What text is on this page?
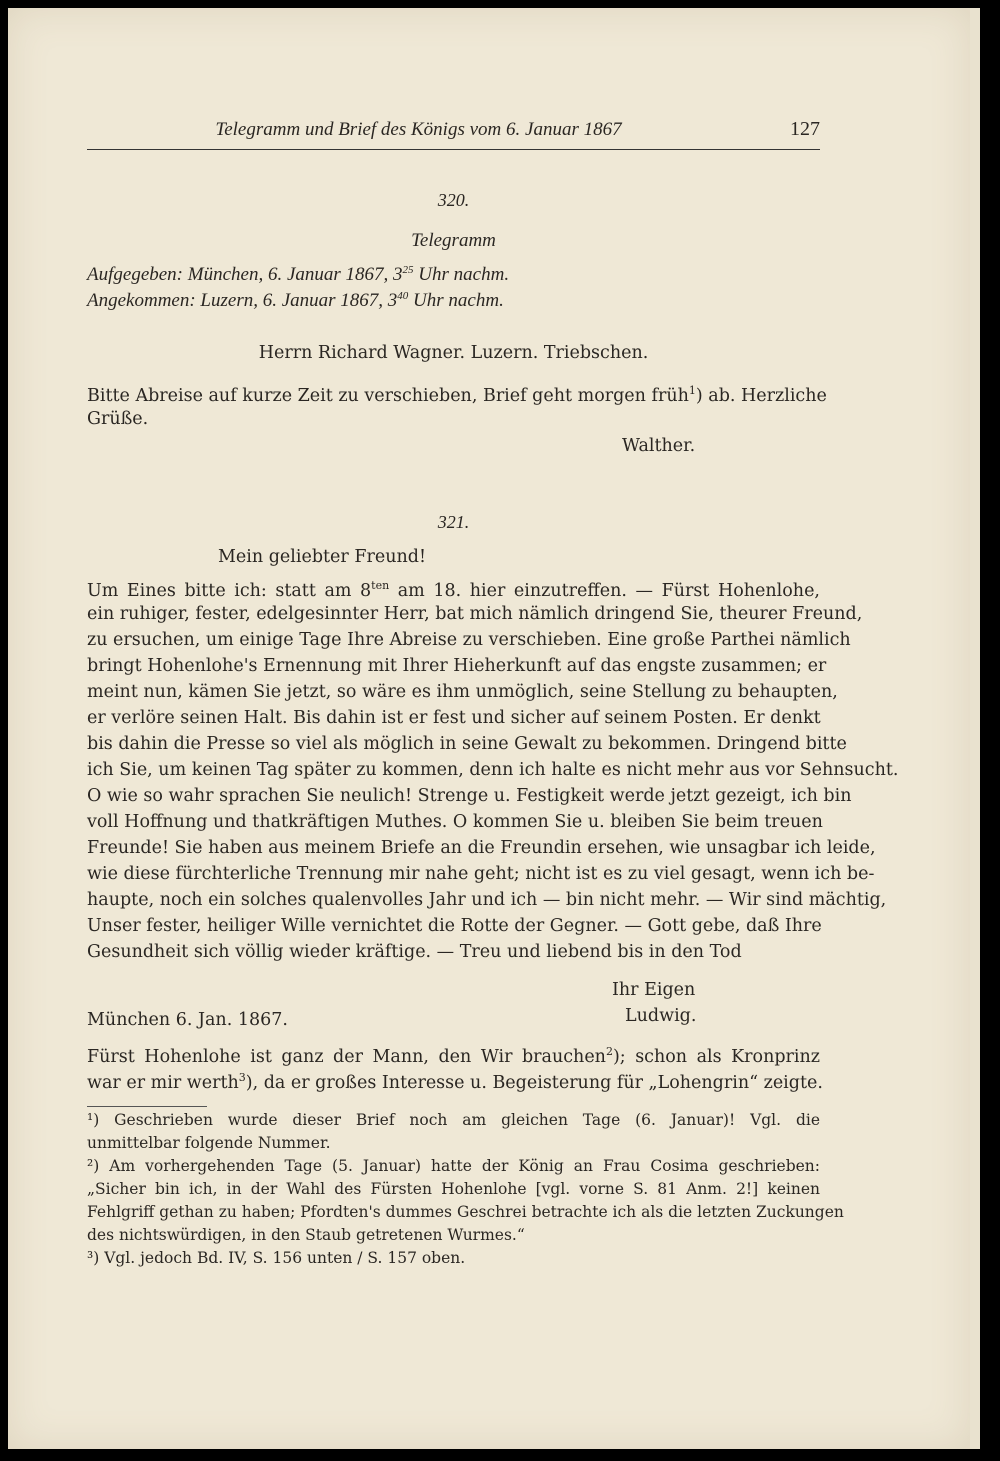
Telegramm und Brief des Königs vom 6. Januar 1867	127
320.
Telegramm
Aufgegeben: München, 6. Januar 1867, $3^{25}$ Uhr nachm.
Angekommen: Luzern, 6. Januar 1867, $3^{40}$ Uhr nachm.
Herrn Richard Wagner. Luzern. Triebschen.
Bitte Abreise auf kurze Zeit zu verschieben, Brief geht morgen früh$^1$) ab. Herzliche
Grüße.
Walther.
321.
Mein geliebter Freund!
Um Eines bitte ich: statt am $8^{ten}$ am 18. hier einzutreffen. — Fürst Hohenlohe,
ein ruhiger, fester, edelgesinnter Herr, bat mich nämlich dringend Sie, theurer Freund,
zu ersuchen, um einige Tage Ihre Abreise zu verschieben. Eine große Parthei nämlich
bringt Hohenlohe's Ernennung mit Ihrer Hieherkunft auf das engste zusammen; er
meint nun, kämen Sie jetzt, so wäre es ihm unmöglich, seine Stellung zu behaupten,
er verlöre seinen Halt. Bis dahin ist er fest und sicher auf seinem Posten. Er denkt
bis dahin die Presse so viel als möglich in seine Gewalt zu bekommen. Dringend bitte
ich Sie, um keinen Tag später zu kommen, denn ich halte es nicht mehr aus vor Sehnsucht.
O wie so wahr sprachen Sie neulich! Strenge u. Festigkeit werde jetzt gezeigt, ich bin
voll Hoffnung und thatkräftigen Muthes. O kommen Sie u. bleiben Sie beim treuen
Freunde! Sie haben aus meinem Briefe an die Freundin ersehen, wie unsagbar ich leide,
wie diese fürchterliche Trennung mir nahe geht; nicht ist es zu viel gesagt, wenn ich be-
haupte, noch ein solches qualenvolles Jahr und ich — bin nicht mehr. — Wir sind mächtig,
Unser fester, heiliger Wille vernichtet die Rotte der Gegner. — Gott gebe, daß Ihre
Gesundheit sich völlig wieder kräftige. — Treu und liebend bis in den Tod
Ihr Eigen
Ludwig.
München 6. Jan. 1867.
Fürst Hohenlohe ist ganz der Mann, den Wir brauchen$^2$); schon als Kronprinz
war er mir werth$^3$), da er großes Interesse u. Begeisterung für „Lohengrin“ zeigte.
¹) Geschrieben wurde dieser Brief noch am gleichen Tage (6. Januar)! Vgl. die
unmittelbar folgende Nummer.
²) Am vorhergehenden Tage (5. Januar) hatte der König an Frau Cosima geschrieben:
„Sicher bin ich, in der Wahl des Fürsten Hohenlohe [vgl. vorne S. 81 Anm. 2!] keinen
Fehlgriff gethan zu haben; Pfordten's dummes Geschrei betrachte ich als die letzten Zuckungen
des nichtswürdigen, in den Staub getretenen Wurmes.“
³) Vgl. jedoch Bd. IV, S. 156 unten / S. 157 oben.
